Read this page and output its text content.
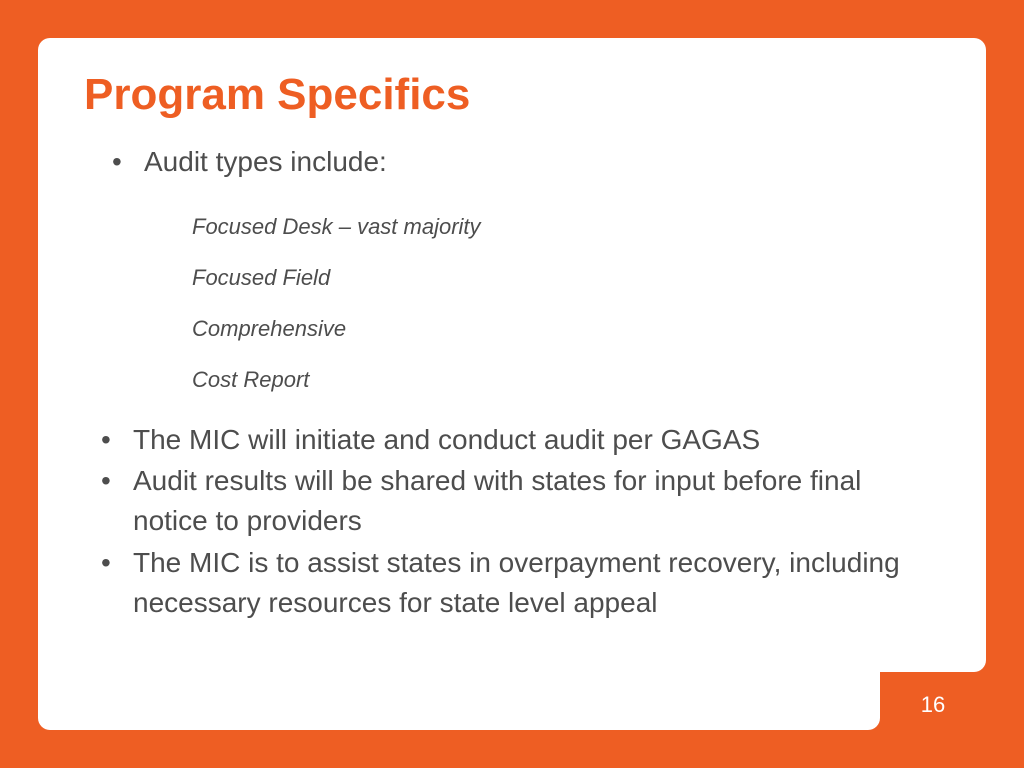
16
Program Specifics
• Audit types include:
Focused Desk – vast majority
Focused Field
Comprehensive
Cost Report
• The MIC will initiate and conduct audit per GAGAS
• Audit results will be shared with states for input before final notice to providers
• The MIC is to assist states in overpayment recovery, including necessary resources for state level appeal
